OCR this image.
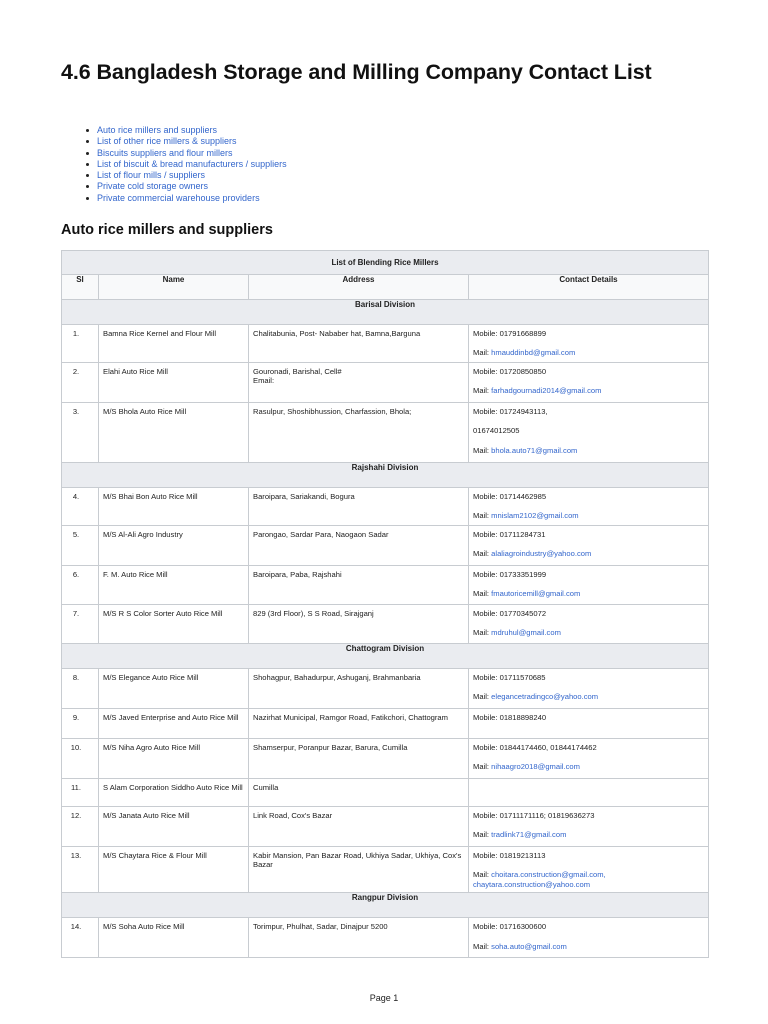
4.6 Bangladesh Storage and Milling Company Contact List
Auto rice millers and suppliers
List of other rice millers & suppliers
Biscuits suppliers and flour millers
List of biscuit & bread manufacturers / suppliers
List of flour mills / suppliers
Private cold storage owners
Private commercial warehouse providers
Auto rice millers and suppliers
List of Blending Rice Millers			
Sl	Name	Address	Contact Details
Barisal Division			

1.	Bamna Rice Kernel and Flour Mill	Chalitabunia, Post- Nababer hat, Bamna,Barguna	Mobile: 01791668899
Mail: hmauddinbd@gmail.com

2.	Elahi Auto Rice Mill	Gouronadi, Barishal, Cell#
Email:	Mobile: 01720850850
Mail: farhadgournadi2014@gmail.com

3.	M/S Bhola Auto Rice Mill	Rasulpur, Shoshibhussion, Charfassion, Bhola;	Mobile: 01724943113,
01674012505
Mail: bhola.auto71@gmail.com

Rajshahi Division			

4.	M/S Bhai Bon Auto Rice Mill	Baroipara, Sariakandi, Bogura	Mobile: 01714462985
Mail: mnislam2102@gmail.com

5.	M/S Al-Ali Agro Industry	Parongao, Sardar Para, Naogaon Sadar	Mobile: 01711284731
Mail: alaliagroindustry@yahoo.com

6.	F. M. Auto Rice Mill	Baroipara, Paba, Rajshahi	Mobile: 01733351999
Mail: fmautoricemill@gmail.com

7.	M/S R S Color Sorter Auto Rice Mill	829 (3rd Floor), S S Road, Sirajganj	Mobile: 01770345072
Mail: mdruhul@gmail.com

Chattogram Division			

8.	M/S Elegance Auto Rice Mill	Shohagpur, Bahadurpur, Ashuganj, Brahmanbaria	Mobile: 01711570685
Mail: elegancetradingco@yahoo.com

9.	M/S Javed Enterprise and Auto Rice Mill	Nazirhat Municipal, Ramgor Road, Fatikchori, Chattogram	Mobile: 01818898240

10.	M/S Niha Agro Auto Rice Mill	Shamserpur, Poranpur Bazar, Barura, Cumilla	Mobile: 01844174460, 01844174462
Mail: nihaagro2018@gmail.com

11.	S Alam Corporation Siddho Auto Rice Mill	Cumilla	

12.	M/S Janata Auto Rice Mill	Link Road, Cox's Bazar	Mobile: 01711171116; 01819636273
Mail: tradlink71@gmail.com

13.	M/S Chaytara Rice & Flour Mill	Kabir Mansion, Pan Bazar Road, Ukhiya Sadar, Ukhiya, Cox's Bazar	Mobile: 01819213113
Mail: choitara.construction@gmail.com, chaytara.construction@yahoo.com

Rangpur Division			

14.	M/S Soha Auto Rice Mill	Torimpur, Phulhat, Sadar, Dinajpur 5200	Mobile: 01716300600
Mail: soha.auto@gmail.com
Page 1
